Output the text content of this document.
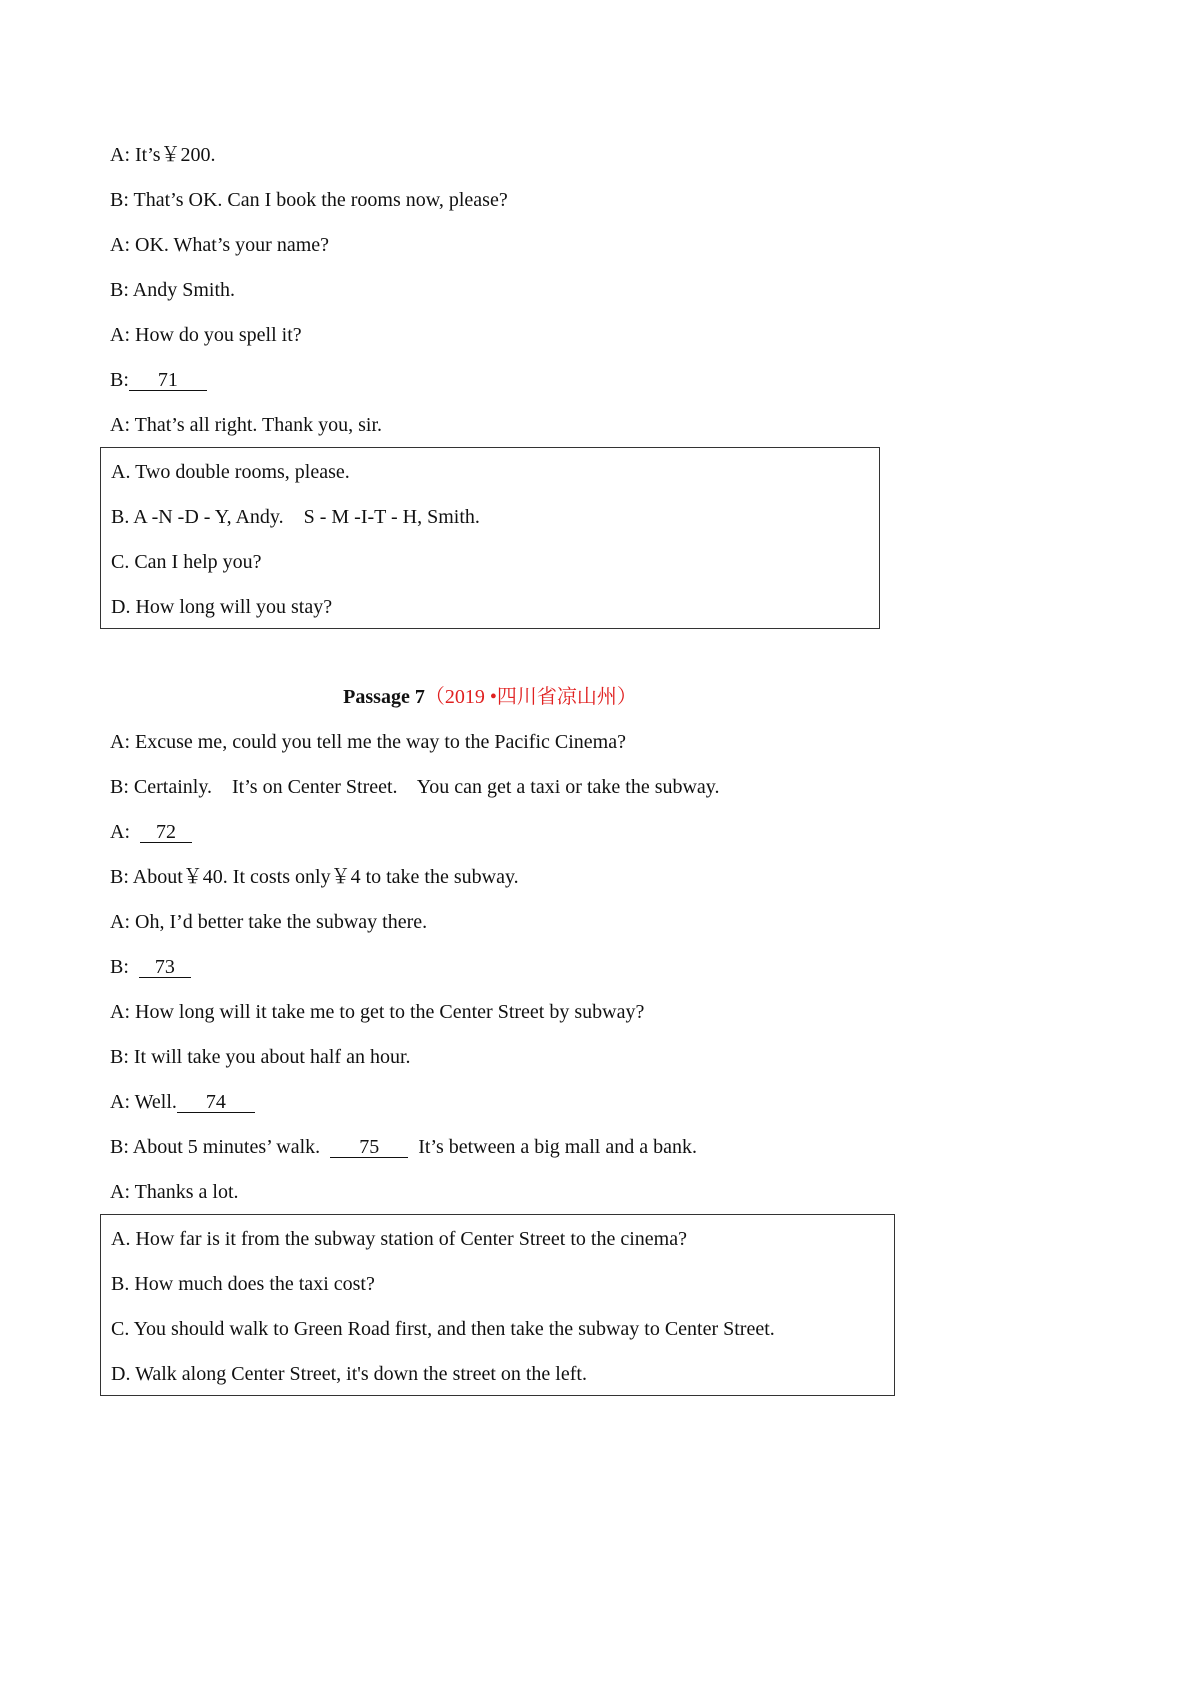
A: It’s￥200.
B: That’s OK. Can I book the rooms now, please?
A: OK. What’s your name?
B: Andy Smith.
A: How do you spell it?
B: 71
A: That’s all right. Thank you, sir.
A. Two double rooms, please.
B. A -N -D - Y, Andy.    S - M -I-T - H, Smith.
C. Can I help you?
D. How long will you stay?
Passage 7（2019 •四川省凉山州）
A: Excuse me, could you tell me the way to the Pacific Cinema?
B: Certainly.    It’s on Center Street.    You can get a taxi or take the subway.
A: 72
B: About￥40. It costs only￥4 to take the subway.
A: Oh, I’d better take the subway there.
B: 73
A: How long will it take me to get to the Center Street by subway?
B: It will take you about half an hour.
A: Well. 74
B: About 5 minutes’ walk. 75 It’s between a big mall and a bank.
A: Thanks a lot.
A. How far is it from the subway station of Center Street to the cinema?
B. How much does the taxi cost?
C. You should walk to Green Road first, and then take the subway to Center Street.
D. Walk along Center Street, it's down the street on the left.
